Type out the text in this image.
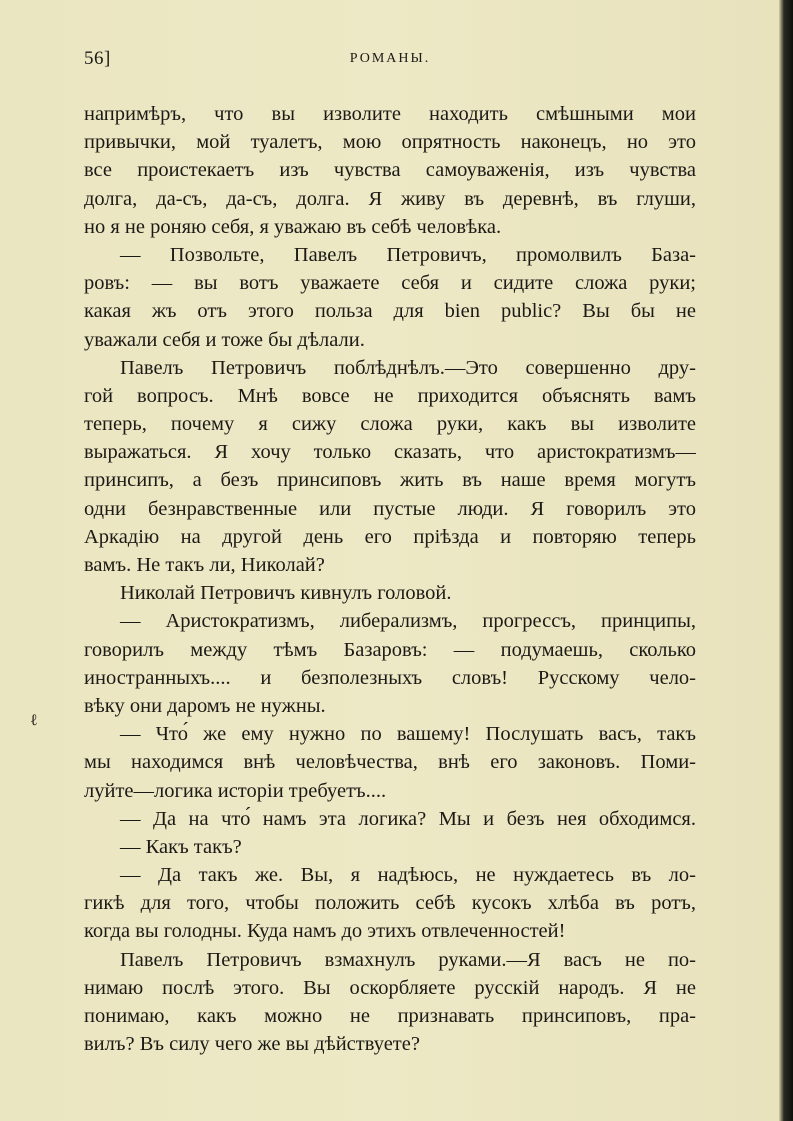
56]	РОМАНЫ.
ℓ
напримѣръ, что вы изволите находить смѣшными мои
привычки, мой туалетъ, мою опрятность наконецъ, но это
все проистекаетъ изъ чувства самоуваженія, изъ чувства
долга, да-съ, да-съ, долга. Я живу въ деревнѣ, въ глуши,
но я не роняю себя, я уважаю въ себѣ человѣка.
— Позвольте, Павелъ Петровичъ, промолвилъ База-
ровъ: — вы вотъ уважаете себя и сидите сложа руки;
какая жъ отъ этого польза для bien public? Вы бы не
уважали себя и тоже бы дѣлали.
Павелъ Петровичъ поблѣднѣлъ.—Это совершенно дру-
гой вопросъ. Мнѣ вовсе не приходится объяснять вамъ
теперь, почему я сижу сложа руки, какъ вы изволите
выражаться. Я хочу только сказать, что аристократизмъ—
принсипъ, а безъ принсиповъ жить въ наше время могутъ
одни безнравственные или пустые люди. Я говорилъ это
Аркадію на другой день его пріѣзда и повторяю теперь
вамъ. Не такъ ли, Николай?
Николай Петровичъ кивнулъ головой.
— Аристократизмъ, либерализмъ, прогрессъ, принципы,
говорилъ между тѣмъ Базаровъ: — подумаешь, сколько
иностранныхъ.... и безполезныхъ словъ! Русскому чело-
вѣку они даромъ не нужны.
— Что́ же ему нужно по вашему! Послушать васъ, такъ
мы находимся внѣ человѣчества, внѣ его законовъ. Поми-
луйте—логика исторіи требуетъ....
— Да на что́ намъ эта логика? Мы и безъ нея обходимся.
— Какъ такъ?
— Да такъ же. Вы, я надѣюсь, не нуждаетесь въ ло-
гикѣ для того, чтобы положить себѣ кусокъ хлѣба въ ротъ,
когда вы голодны. Куда намъ до этихъ отвлеченностей!
Павелъ Петровичъ взмахнулъ руками.—Я васъ не по-
нимаю послѣ этого. Вы оскорбляете русскій народъ. Я не
понимаю, какъ можно не признавать принсиповъ, пра-
вилъ? Въ силу чего же вы дѣйствуете?
